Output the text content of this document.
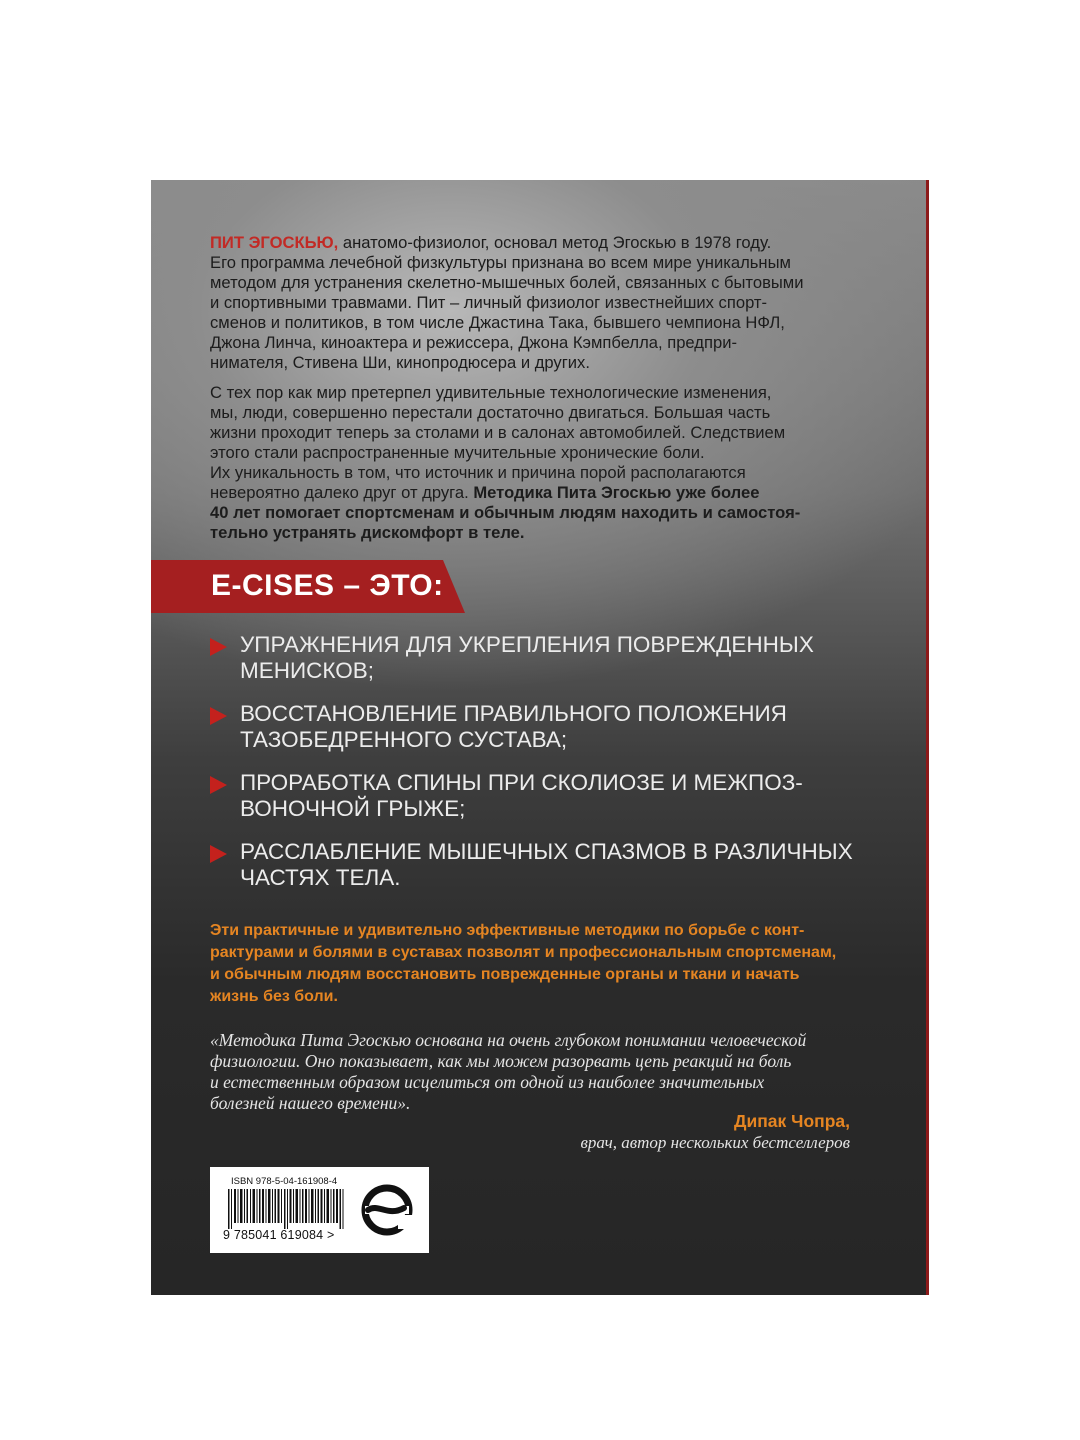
ПИТ ЭГОСКЬЮ, анатомо-физиолог, основал метод Эгоскью в 1978 году.
Его программа лечебной физкультуры признана во всем мире уникальным
методом для устранения скелетно-мышечных болей, связанных с бытовыми
и спортивными травмами. Пит – личный физиолог известнейших спорт-
сменов и политиков, в том числе Джастина Така, бывшего чемпиона НФЛ,
Джона Линча, киноактера и режиссера, Джона Кэмпбелла, предпри-
нимателя, Стивена Ши, кинопродюсера и других.

С тех пор как мир претерпел удивительные технологические изменения,
мы, люди, совершенно перестали достаточно двигаться. Большая часть
жизни проходит теперь за столами и в салонах автомобилей. Следствием
этого стали распространенные мучительные хронические боли.
Их уникальность в том, что источник и причина порой располагаются
невероятно далеко друг от друга. Методика Пита Эгоскью уже более
40 лет помогает спортсменам и обычным людям находить и самостоя-
тельно устранять дискомфорт в теле.

E-CISES – ЭТО:
УПРАЖНЕНИЯ ДЛЯ УКРЕПЛЕНИЯ ПОВРЕЖДЕННЫХ
МЕНИСКОВ;
ВОССТАНОВЛЕНИЕ ПРАВИЛЬНОГО ПОЛОЖЕНИЯ
ТАЗОБЕДРЕННОГО СУСТАВА;
ПРОРАБОТКА СПИНЫ ПРИ СКОЛИОЗЕ И МЕЖПОЗ-
ВОНОЧНОЙ ГРЫЖЕ;
РАССЛАБЛЕНИЕ МЫШЕЧНЫХ СПАЗМОВ В РАЗЛИЧНЫХ
ЧАСТЯХ ТЕЛА.

Эти практичные и удивительно эффективные методики по борьбе с конт-
рактурами и болями в суставах позволят и профессиональным спортсменам,
и обычным людям восстановить поврежденные органы и ткани и начать
жизнь без боли.

«Методика Пита Эгоскью основана на очень глубоком понимании человеческой
физиологии. Оно показывает, как мы можем разорвать цепь реакций на боль
и естественным образом исцелиться от одной из наиболее значительных
болезней нашего времени».

Дипак Чопра,
врач, автор нескольких бестселлеров
ISBN 978-5-04-161908-4
9 785041 619084 >
